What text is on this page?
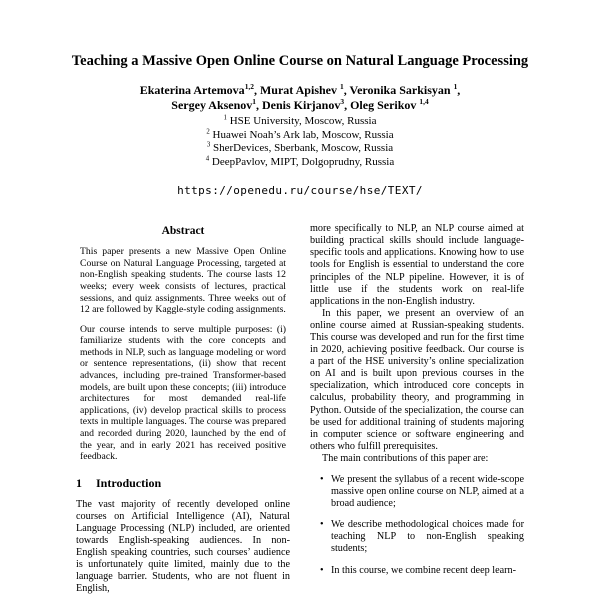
Teaching a Massive Open Online Course on Natural Language Processing
Ekaterina Artemova$^{1,2}$, Murat Apishev $^1$, Veronika Sarkisyan $^1$,
Sergey Aksenov$^1$, Denis Kirjanov$^3$, Oleg Serikov $^{1,4}$
$^1$ HSE University, Moscow, Russia
$^2$ Huawei Noah’s Ark lab, Moscow, Russia
$^3$ SherDevices, Sberbank, Moscow, Russia
$^4$ DeepPavlov, MIPT, Dolgoprudny, Russia
https://openedu.ru/course/hse/TEXT/
Abstract

This paper presents a new Massive Open Online Course on Natural Language Processing, targeted at non-English speaking students. The course lasts 12 weeks; every week consists of lectures, practical sessions, and quiz assignments. Three weeks out of 12 are followed by Kaggle-style coding assignments.

Our course intends to serve multiple purposes: (i) familiarize students with the core concepts and methods in NLP, such as language modeling or word or sentence representations, (ii) show that recent advances, including pre-trained Transformer-based models, are built upon these concepts; (iii) introduce architectures for most demanded real-life applications, (iv) develop practical skills to process texts in multiple languages. The course was prepared and recorded during 2020, launched by the end of the year, and in early 2021 has received positive feedback.

1 Introduction

The vast majority of recently developed online courses on Artificial Intelligence (AI), Natural Language Processing (NLP) included, are oriented towards English-speaking audiences. In non-English speaking countries, such courses’ audience is unfortunately quite limited, mainly due to the language barrier. Students, who are not fluent in English,

more specifically to NLP, an NLP course aimed at building practical skills should include language-specific tools and applications. Knowing how to use tools for English is essential to understand the core principles of the NLP pipeline. However, it is of little use if the students work on real-life applications in the non-English industry.

In this paper, we present an overview of an online course aimed at Russian-speaking students. This course was developed and run for the first time in 2020, achieving positive feedback. Our course is a part of the HSE university’s online specialization on AI and is built upon previous courses in the specialization, which introduced core concepts in calculus, probability theory, and programming in Python. Outside of the specialization, the course can be used for additional training of students majoring in computer science or software engineering and others who fulfill prerequisites.

The main contributions of this paper are:

• We present the syllabus of a recent wide-scope massive open online course on NLP, aimed at a broad audience;
• We describe methodological choices made for teaching NLP to non-English speaking students;
• In this course, we combine recent deep learn-
